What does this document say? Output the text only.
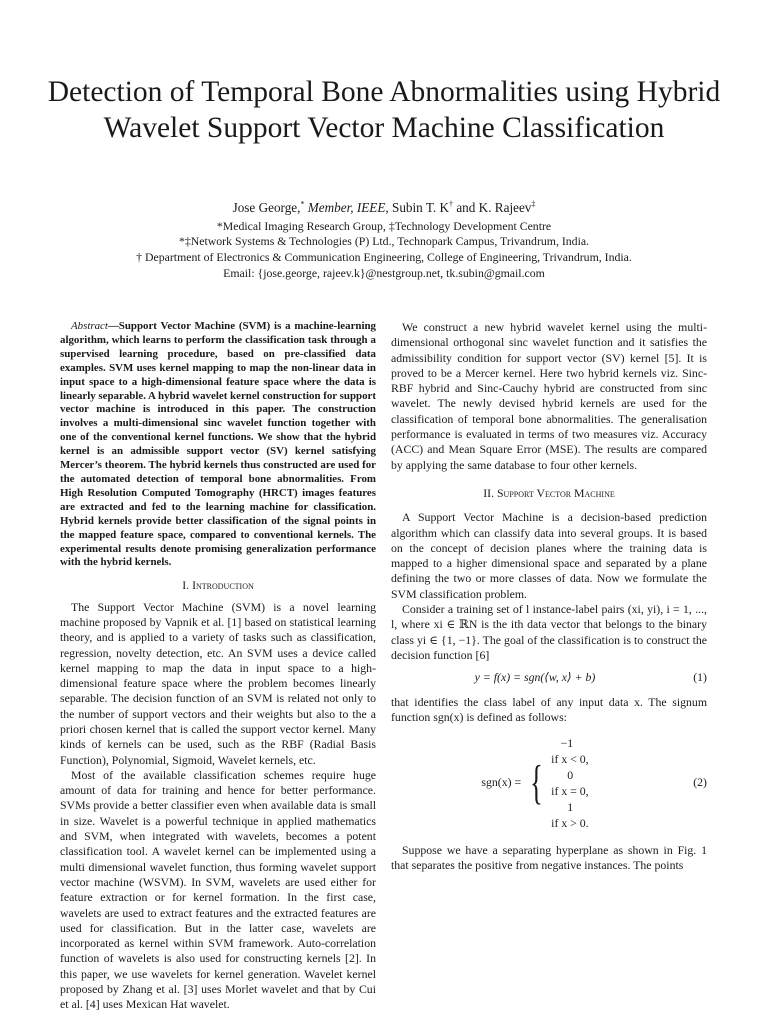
Detection of Temporal Bone Abnormalities using Hybrid Wavelet Support Vector Machine Classification
Jose George,* Member, IEEE, Subin T. K† and K. Rajeev‡
*Medical Imaging Research Group, ‡Technology Development Centre
*‡Network Systems & Technologies (P) Ltd., Technopark Campus, Trivandrum, India.
† Department of Electronics & Communication Engineering, College of Engineering, Trivandrum, India.
Email: {jose.george, rajeev.k}@nestgroup.net, tk.subin@gmail.com

Abstract—Support Vector Machine (SVM) is a machine-learning algorithm, which learns to perform the classification task through a supervised learning procedure, based on pre-classified data examples. SVM uses kernel mapping to map the non-linear data in input space to a high-dimensional feature space where the data is linearly separable. A hybrid wavelet kernel construction for support vector machine is introduced in this paper. The construction involves a multi-dimensional sinc wavelet function together with one of the conventional kernel functions. We show that the hybrid kernel is an admissible support vector (SV) kernel satisfying Mercer’s theorem. The hybrid kernels thus constructed are used for the automated detection of temporal bone abnormalities. From High Resolution Computed Tomography (HRCT) images features are extracted and fed to the learning machine for classification. Hybrid kernels provide better classification of the signal points in the mapped feature space, compared to conventional kernels. The experimental results denote promising generalization performance with the hybrid kernels.

I. Introduction

The Support Vector Machine (SVM) is a novel learning machine proposed by Vapnik et al. [1] based on statistical learning theory, and is applied to a variety of tasks such as classification, regression, novelty detection, etc. An SVM uses a device called kernel mapping to map the data in input space to a high-dimensional feature space where the problem becomes linearly separable. The decision function of an SVM is related not only to the number of support vectors and their weights but also to the a priori chosen kernel that is called the support vector kernel. Many kinds of kernels can be used, such as the RBF (Radial Basis Function), Polynomial, Sigmoid, Wavelet kernels, etc.

Most of the available classification schemes require huge amount of data for training and hence for better performance. SVMs provide a better classifier even when available data is small in size. Wavelet is a powerful technique in applied mathematics and SVM, when integrated with wavelets, becomes a potent classification tool. A wavelet kernel can be implemented using a multi dimensional wavelet function, thus forming wavelet support vector machine (WSVM). In SVM, wavelets are used either for feature extraction or for kernel formation. In the first case, wavelets are used to extract features and the extracted features are used for classification. But in the latter case, wavelets are incorporated as kernel within SVM framework. Auto-correlation function of wavelets is also used for constructing kernels [2]. In this paper, we use wavelets for kernel generation. Wavelet kernel proposed by Zhang et al. [3] uses Morlet wavelet and that by Cui et al. [4] uses Mexican Hat wavelet.

We construct a new hybrid wavelet kernel using the multi-dimensional orthogonal sinc wavelet function and it satisfies the admissibility condition for support vector (SV) kernel [5]. It is proved to be a Mercer kernel. Here two hybrid kernels viz. Sinc-RBF hybrid and Sinc-Cauchy hybrid are constructed from sinc wavelet. The newly devised hybrid kernels are used for the classification of temporal bone abnormalities. The generalisation performance is evaluated in terms of two measures viz. Accuracy (ACC) and Mean Square Error (MSE). The results are compared by applying the same database to four other kernels.

II. Support Vector Machine

A Support Vector Machine is a decision-based prediction algorithm which can classify data into several groups. It is based on the concept of decision planes where the training data is mapped to a higher dimensional space and separated by a plane defining the two or more classes of data. Now we formulate the SVM classification problem.

Consider a training set of l instance-label pairs (xi, yi), i = 1, ..., l, where xi ∈ ℝN is the ith data vector that belongs to the binary class yi ∈ {1, −1}. The goal of the classification is to construct the decision function [6]

y = f(x) = sgn(⟨w, x⟩ + b)	(1)

that identifies the class label of any input data x. The signum function sgn(x) is defined as follows:

sgn(x) = {
−1
if x < 0,
0
if x = 0,
1
if x > 0.
(2)

Suppose we have a separating hyperplane as shown in Fig. 1 that separates the positive from negative instances. The points
